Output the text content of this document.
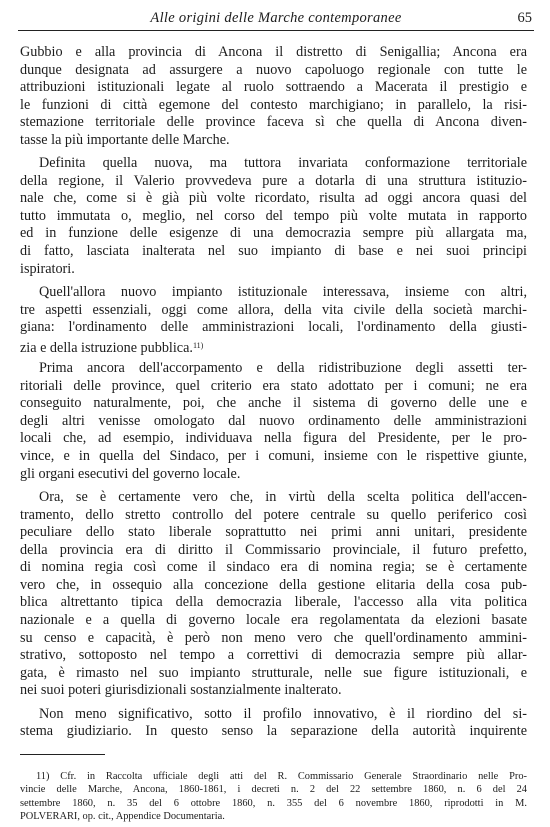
Alle origini delle Marche contemporanee	65
Gubbio e alla provincia di Ancona il distretto di Senigallia; Ancona era
dunque designata ad assurgere a nuovo capoluogo regionale con tutte le
attribuzioni istituzionali legate al ruolo sottraendo a Macerata il prestigio e
le funzioni di città egemone del contesto marchigiano; in parallelo, la risi-
stemazione territoriale delle province faceva sì che quella di Ancona diven-
tasse la più importante delle Marche.
Definita quella nuova, ma tuttora invariata conformazione territoriale
della regione, il Valerio provvedeva pure a dotarla di una struttura istituzio-
nale che, come si è già più volte ricordato, risulta ad oggi ancora quasi del
tutto immutata o, meglio, nel corso del tempo più volte mutata in rapporto
ed in funzione delle esigenze di una democrazia sempre più allargata ma,
di fatto, lasciata inalterata nel suo impianto di base e nei suoi principi
ispiratori.
Quell'allora nuovo impianto istituzionale interessava, insieme con altri,
tre aspetti essenziali, oggi come allora, della vita civile della società marchi-
giana: l'ordinamento delle amministrazioni locali, l'ordinamento della giusti-
zia e della istruzione pubblica.$^{11)}$
Prima ancora dell'accorpamento e della ridistribuzione degli assetti ter-
ritoriali delle province, quel criterio era stato adottato per i comuni; ne era
conseguito naturalmente, poi, che anche il sistema di governo delle une e
degli altri venisse omologato dal nuovo ordinamento delle amministrazioni
locali che, ad esempio, individuava nella figura del Presidente, per le pro-
vince, e in quella del Sindaco, per i comuni, insieme con le rispettive giunte,
gli organi esecutivi del governo locale.
Ora, se è certamente vero che, in virtù della scelta politica dell'accen-
tramento, dello stretto controllo del potere centrale su quello periferico così
peculiare dello stato liberale soprattutto nei primi anni unitari, presidente
della provincia era di diritto il Commissario provinciale, il futuro prefetto,
di nomina regia così come il sindaco era di nomina regia; se è certamente
vero che, in ossequio alla concezione della gestione elitaria della cosa pub-
blica altrettanto tipica della democrazia liberale, l'accesso alla vita politica
nazionale e a quella di governo locale era regolamentata da elezioni basate
su censo e capacità, è però non meno vero che quell'ordinamento ammini-
strativo, sottoposto nel tempo a correttivi di democrazia sempre più allar-
gata, è rimasto nel suo impianto strutturale, nelle sue figure istituzionali, e
nei suoi poteri giurisdizionali sostanzialmente inalterato.
Non meno significativo, sotto il profilo innovativo, è il riordino del si-
stema giudiziario. In questo senso la separazione della autorità inquirente
11) Cfr. in Raccolta ufficiale degli atti del R. Commissario Generale Straordinario nelle Pro-
vincie delle Marche, Ancona, 1860-1861, i decreti n. 2 del 22 settembre 1860, n. 6 del 24
settembre 1860, n. 35 del 6 ottobre 1860, n. 355 del 6 novembre 1860, riprodotti in M.
POLVERARI, op. cit., Appendice Documentaria.
